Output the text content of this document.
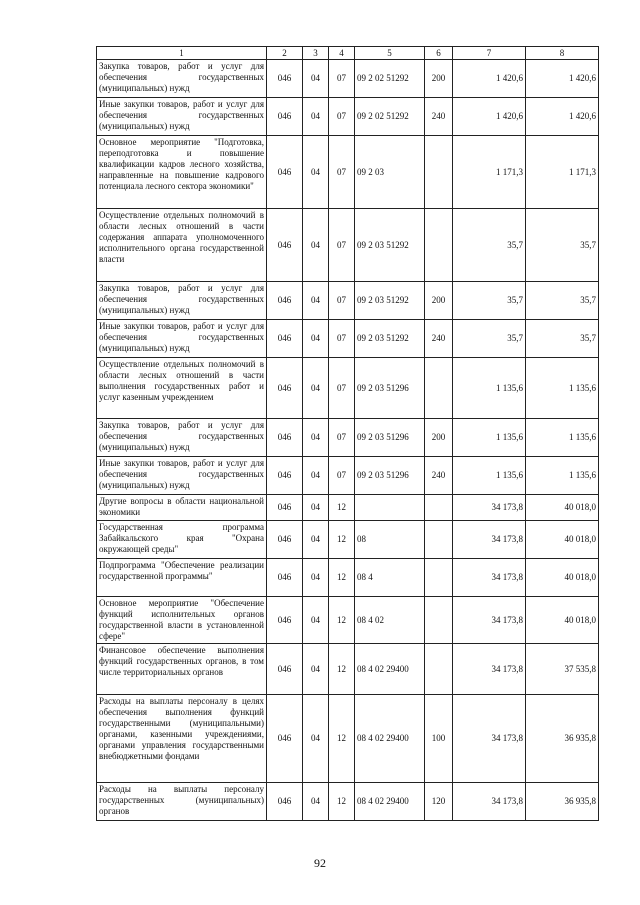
1	2	3	4	5	6	7	8
Закупка товаров, работ и услуг для обеспечения государственных (муниципальных) нужд	046	04	07	09 2 02 51292	200	1 420,6	1 420,6
Иные закупки товаров, работ и услуг для обеспечения государственных (муниципальных) нужд	046	04	07	09 2 02 51292	240	1 420,6	1 420,6
Основное мероприятие "Подготовка, переподготовка и повышение квалификации кадров лесного хозяйства, направленные на повышение кадрового потенциала лесного сектора экономики"	046	04	07	09 2 03		1 171,3	1 171,3
Осуществление отдельных полномочий в области лесных отношений в части содержания аппарата уполномоченного исполнительного органа государственной власти	046	04	07	09 2 03 51292		35,7	35,7
Закупка товаров, работ и услуг для обеспечения государственных (муниципальных) нужд	046	04	07	09 2 03 51292	200	35,7	35,7
Иные закупки товаров, работ и услуг для обеспечения государственных (муниципальных) нужд	046	04	07	09 2 03 51292	240	35,7	35,7
Осуществление отдельных полномочий в области лесных отношений в части выполнения государственных работ и услуг казенным учреждением	046	04	07	09 2 03 51296		1 135,6	1 135,6
Закупка товаров, работ и услуг для обеспечения государственных (муниципальных) нужд	046	04	07	09 2 03 51296	200	1 135,6	1 135,6
Иные закупки товаров, работ и услуг для обеспечения государственных (муниципальных) нужд	046	04	07	09 2 03 51296	240	1 135,6	1 135,6
Другие вопросы в области национальной экономики	046	04	12			34 173,8	40 018,0
Государственная программа Забайкальского края "Охрана окружающей среды"	046	04	12	08		34 173,8	40 018,0
Подпрограмма "Обеспечение реализации государственной программы"	046	04	12	08 4		34 173,8	40 018,0
Основное мероприятие "Обеспечение функций исполнительных органов государственной власти в установленной сфере"	046	04	12	08 4 02		34 173,8	40 018,0
Финансовое обеспечение выполнения функций государственных органов, в том числе территориальных органов	046	04	12	08 4 02 29400		34 173,8	37 535,8
Расходы на выплаты персоналу в целях обеспечения выполнения функций государственными (муниципальными) органами, казенными учреждениями, органами управления государственными внебюджетными фондами	046	04	12	08 4 02 29400	100	34 173,8	36 935,8
Расходы на выплаты персоналу государственных (муниципальных) органов	046	04	12	08 4 02 29400	120	34 173,8	36 935,8
92
